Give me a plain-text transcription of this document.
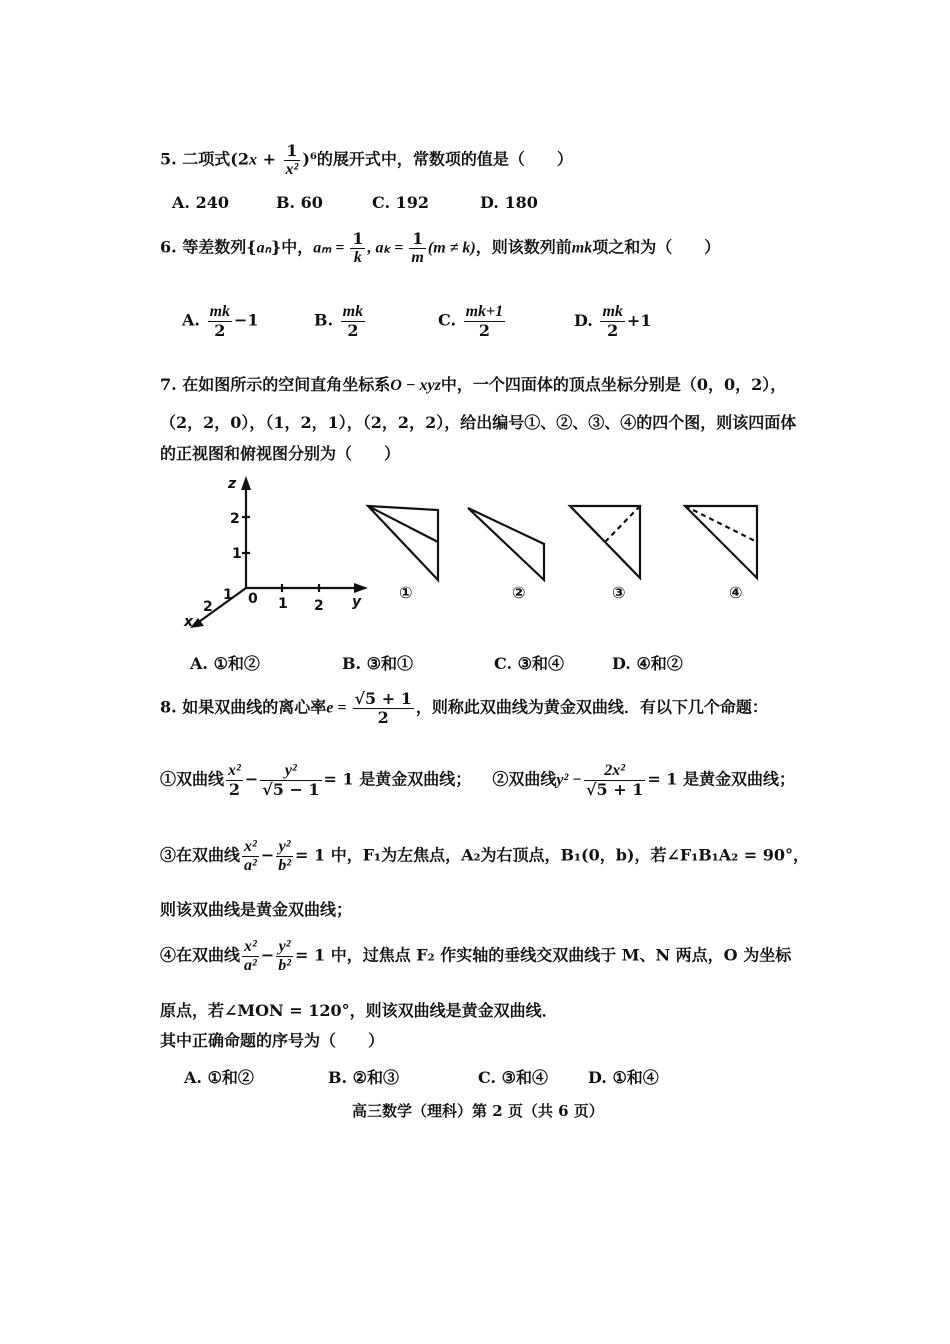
5. 二项式$(2x + \frac{1}{\text{x²}} )^6$的展开式中，常数项的值是（　　）
A. 240	B. 60	C. 192	D. 180
6. 等差数列{aₙ}中，$a_m = \frac{1}{k}$ , $a_k = \frac{1}{m} (m \ne k)$，则该数列前mk项之和为（　　）
A. $\frac{mk}{2} -1$	B. $\frac{mk}{2}$	C. $\frac{mk+1}{2}$	D. $\frac{mk}{2} +1$
7. 在如图所示的空间直角坐标系O − xyz中，一个四面体的顶点坐标分别是（0，0，2），
（2，2，0），（1，2，1），（2，2，2），给出编号①、②、③、④的四个图，则该四面体
的正视图和俯视图分别为（　　）
z
2
1
0 1 2 y
1
2
x
①	②	③	④
A. ①和②	B. ③和①	C. ③和④	D. ④和②
8. 如果双曲线的离心率$e = \frac{√5 + 1}{2}$ ，则称此双曲线为黄金双曲线．有以下几个命题：
①双曲线 $\frac{\text{x²}}{2} - \frac{\text{y²}}{√5 - 1} = 1$ 是黄金双曲线； ②双曲线$y^2 - \frac{\text{2x²}}{√5 + 1} = 1$ 是黄金双曲线；
③在双曲线 $\frac{\text{x²}}{\text{a²}} - \frac{\text{y²}}{\text{b²}} = 1$ 中，F₁为左焦点，A₂为右顶点，B₁(0，b)，若∠F₁B₁A₂ = 90°，
则该双曲线是黄金双曲线；
④在双曲线 $\frac{\text{x²}}{\text{a²}} - \frac{\text{y²}}{\text{b²}} = 1$ 中，过焦点 F₂ 作实轴的垂线交双曲线于 M、N 两点，O 为坐标
原点，若∠MON = 120°，则该双曲线是黄金双曲线．
其中正确命题的序号为（　　）
A. ①和②	B. ②和③	C. ③和④	D. ①和④
高三数学（理科）第 2 页（共 6 页）
